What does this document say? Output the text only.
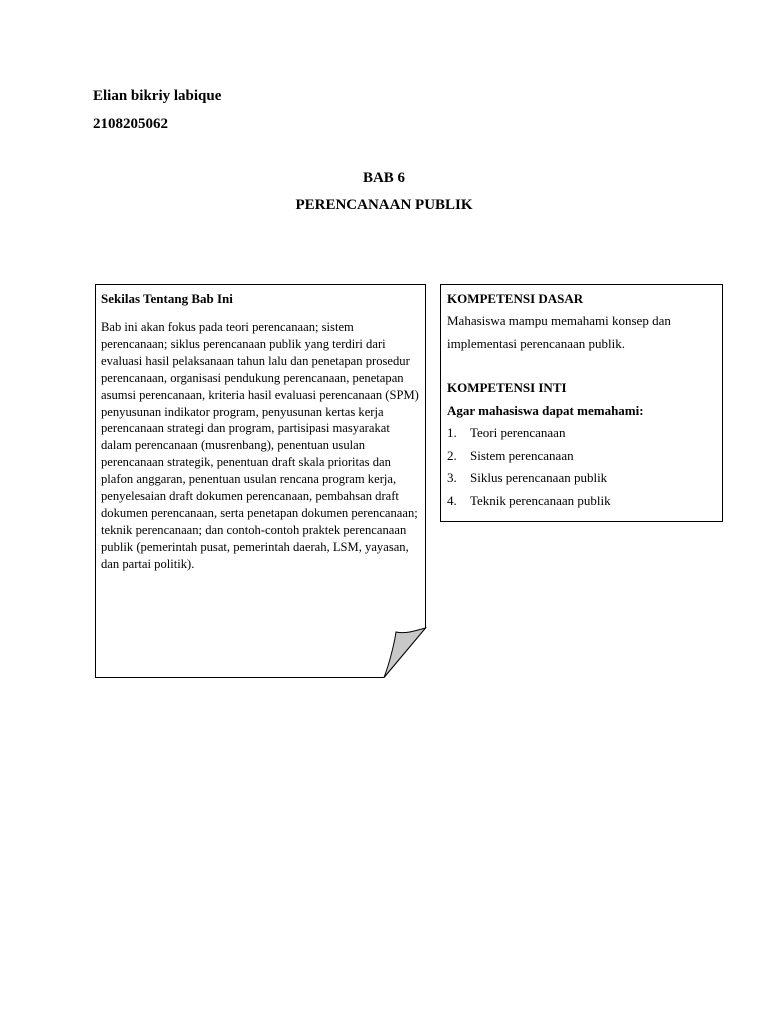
Elian bikriy labique
2108205062
BAB 6
PERENCANAAN PUBLIK
Sekilas Tentang Bab Ini

Bab ini akan fokus pada teori perencanaan; sistem perencanaan; siklus perencanaan publik yang terdiri dari evaluasi hasil pelaksanaan tahun lalu dan penetapan prosedur perencanaan, organisasi pendukung perencanaan, penetapan asumsi perencanaan, kriteria hasil evaluasi perencanaan (SPM) penyusunan indikator program, penyusunan kertas kerja perencanaan strategi dan program, partisipasi masyarakat dalam perencanaan (musrenbang), penentuan usulan perencanaan strategik, penentuan draft skala prioritas dan plafon anggaran, penentuan usulan rencana program kerja, penyelesaian draft dokumen perencanaan, pembahsan draft dokumen perencanaan, serta penetapan dokumen perencanaan; teknik perencanaan; dan contoh-contoh praktek perencanaan publik (pemerintah pusat, pemerintah daerah, LSM, yayasan, dan partai politik).

KOMPETENSI DASAR
Mahasiswa mampu memahami konsep dan implementasi perencanaan publik.
KOMPETENSI INTI
Agar mahasiswa dapat memahami:
1.	Teori perencanaan
2.	Sistem perencanaan
3.	Siklus perencanaan publik
4.	Teknik perencanaan publik
